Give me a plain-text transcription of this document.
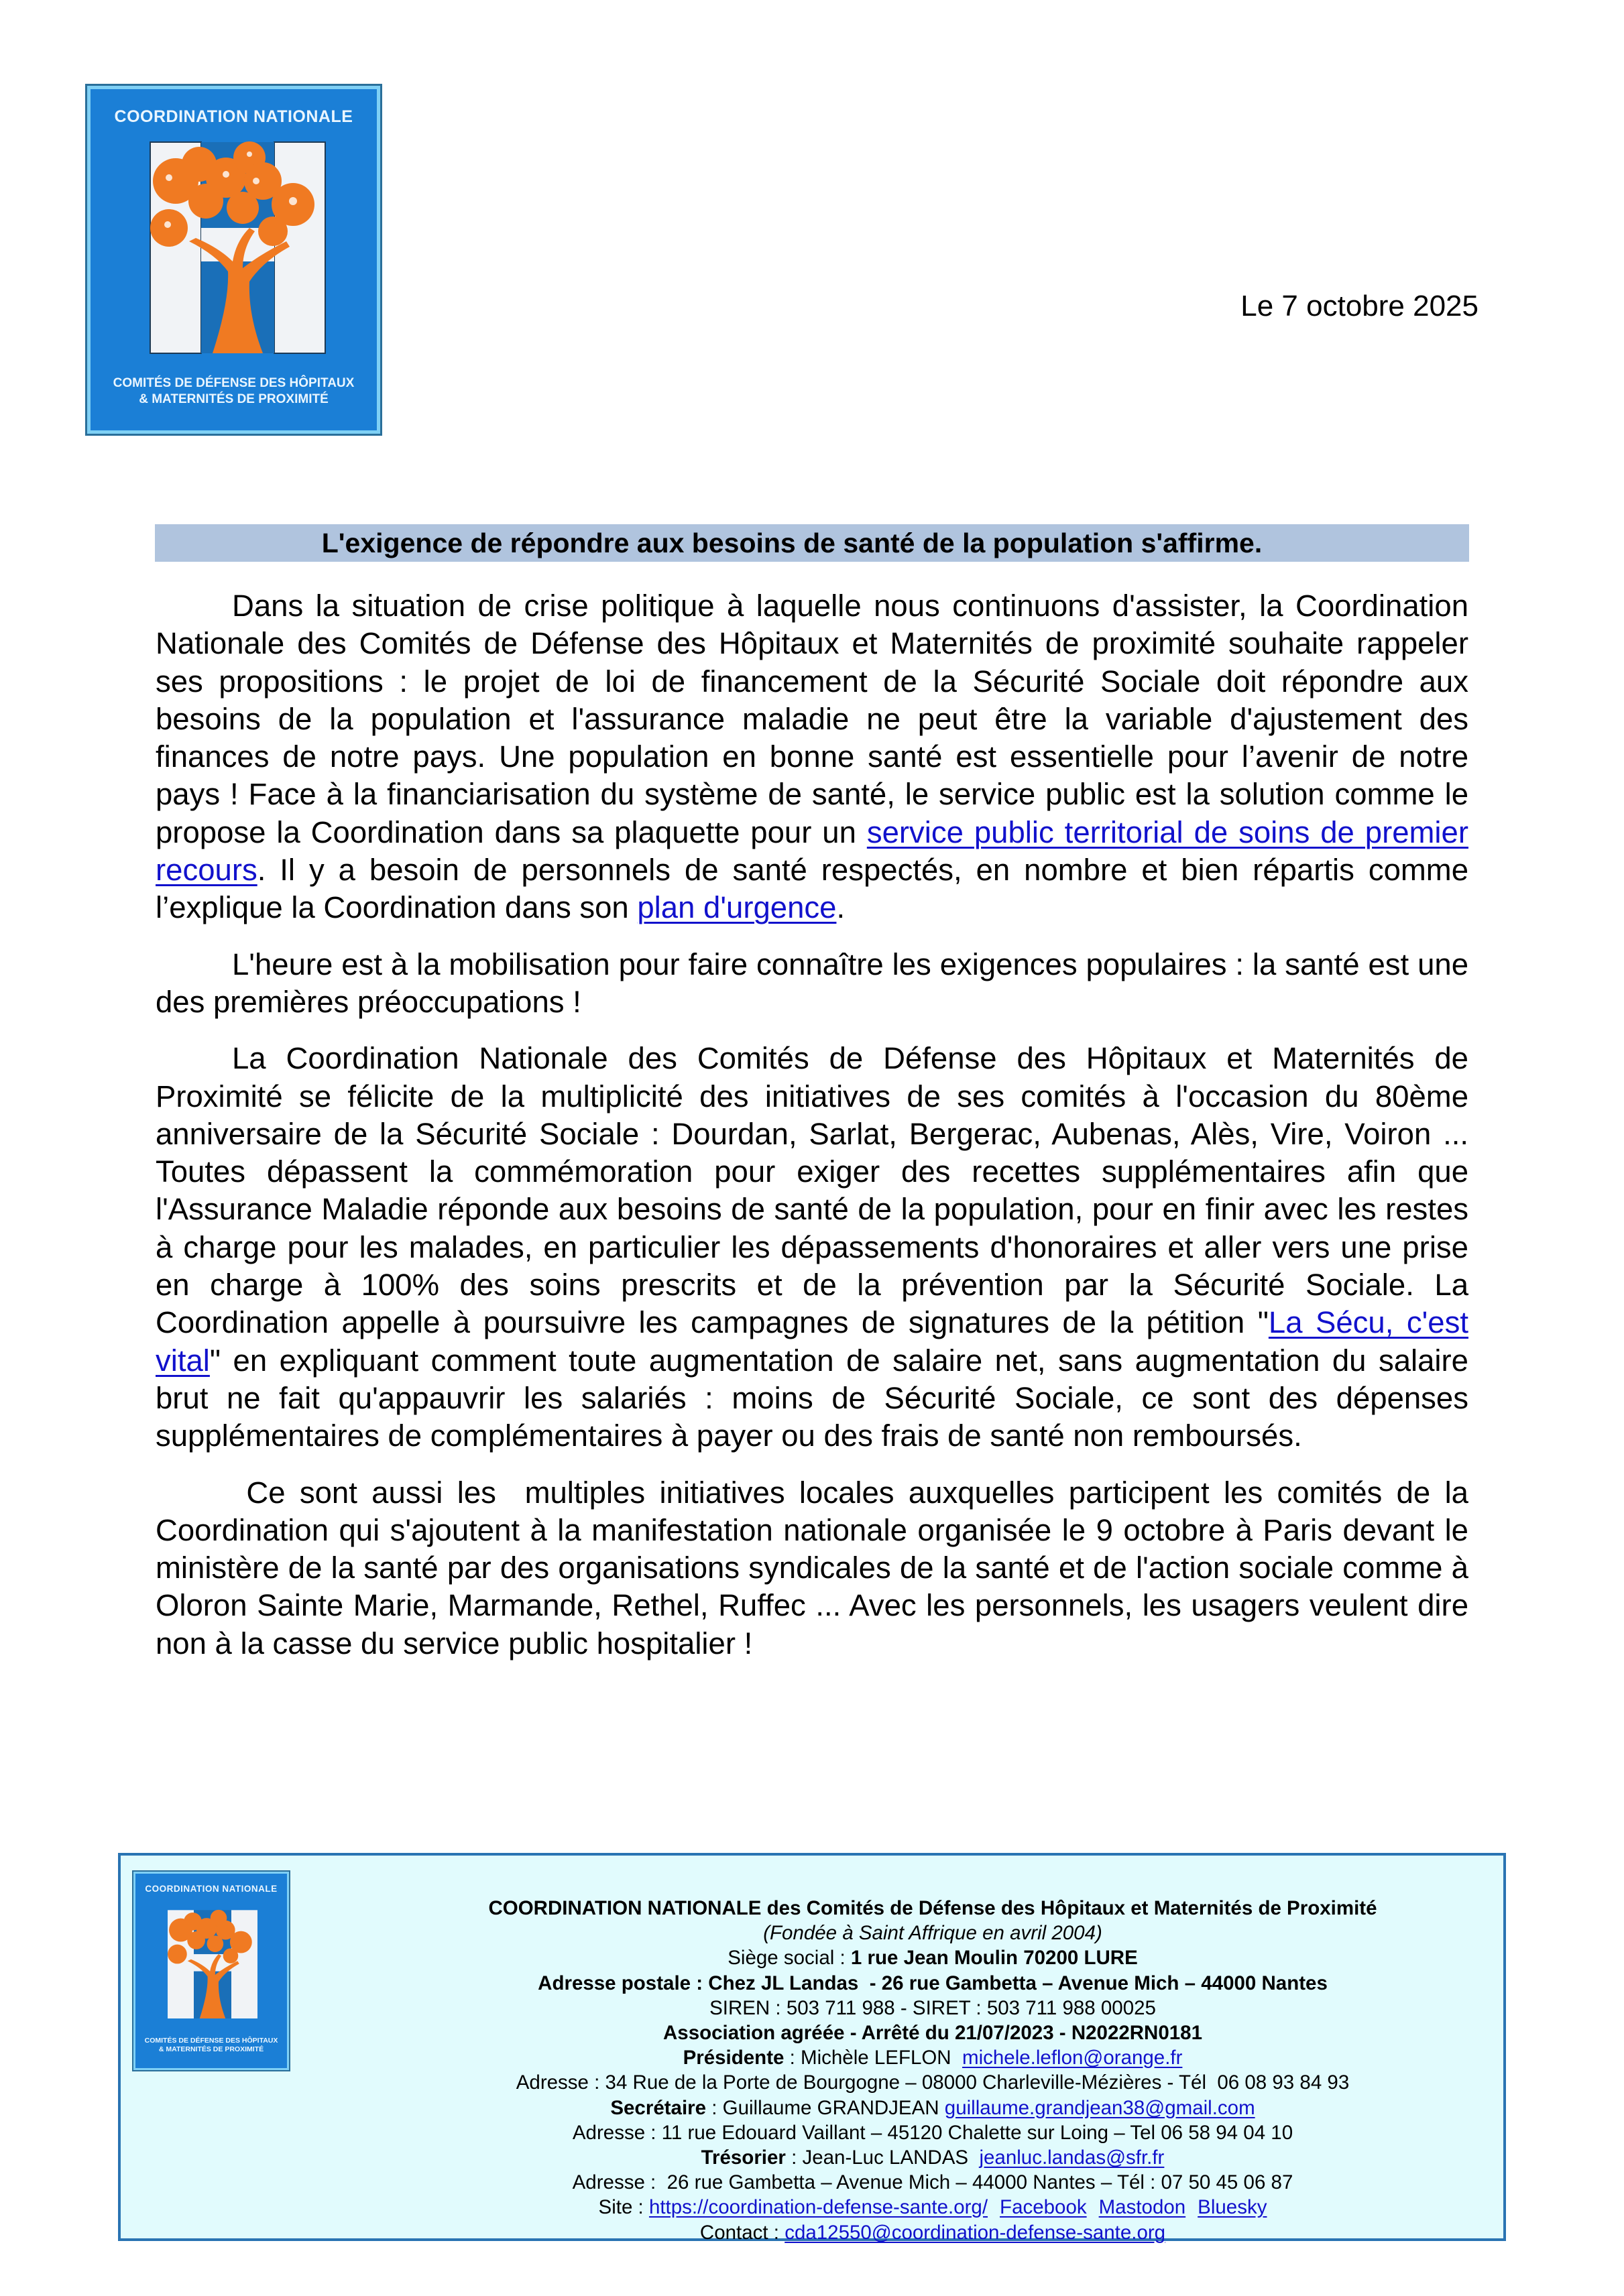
COORDINATION NATIONALE
COMITÉS DE DÉFENSE DES HÔPITAUX
& MATERNITÉS DE PROXIMITÉ
Le 7 octobre 2025
L'exigence de répondre aux besoins de santé de la population s'affirme.

Dans la situation de crise politique à laquelle nous continuons d'assister, la Coordination Nationale des Comités de Défense des Hôpitaux et Maternités de proximité souhaite rappeler ses propositions : le projet de loi de financement de la Sécurité Sociale doit répondre aux besoins de la population et l'assurance maladie ne peut être la variable d'ajustement des finances de notre pays. Une population en bonne santé est essentielle pour l’avenir de notre pays ! Face à la financiarisation du système de santé, le service public est la solution comme le propose la Coordination dans sa plaquette pour un service public territorial de soins de premier recours. Il y a besoin de personnels de santé respectés, en nombre et bien répartis comme l’explique la Coordination dans son plan d'urgence.

L'heure est à la mobilisation pour faire connaître les exigences populaires : la santé est une des premières préoccupations !

La Coordination Nationale des Comités de Défense des Hôpitaux et Maternités de Proximité se félicite de la multiplicité des initiatives de ses comités à l'occasion du 80ème anniversaire de la Sécurité Sociale : Dourdan, Sarlat, Bergerac, Aubenas, Alès, Vire, Voiron ... Toutes dépassent la commémoration pour exiger des recettes supplémentaires afin que l'Assurance Maladie réponde aux besoins de santé de la population, pour en finir avec les restes à charge pour les malades, en particulier les dépassements d'honoraires et aller vers une prise en charge à 100% des soins prescrits et de la prévention par la Sécurité Sociale. La Coordination appelle à poursuivre les campagnes de signatures de la pétition "La Sécu, c'est vital" en expliquant comment toute augmentation de salaire net, sans augmentation du salaire brut ne fait qu'appauvrir les salariés : moins de Sécurité Sociale, ce sont des dépenses supplémentaires de complémentaires à payer ou des frais de santé non remboursés.

Ce sont aussi les  multiples initiatives locales auxquelles participent les comités de la Coordination qui s'ajoutent à la manifestation nationale organisée le 9 octobre à Paris devant le ministère de la santé par des organisations syndicales de la santé et de l'action sociale comme à Oloron Sainte Marie, Marmande, Rethel, Ruffec ... Avec les personnels, les usagers veulent dire non à la casse du service public hospitalier !

COORDINATION NATIONALE
COMITÉS DE DÉFENSE DES HÔPITAUX
& MATERNITÉS DE PROXIMITÉ
COORDINATION NATIONALE des Comités de Défense des Hôpitaux et Maternités de Proximité
(Fondée à Saint Affrique en avril 2004)
Siège social : 1 rue Jean Moulin 70200 LURE
Adresse postale : Chez JL Landas  - 26 rue Gambetta – Avenue Mich – 44000 Nantes
SIREN : 503 711 988 - SIRET : 503 711 988 00025
Association agréée - Arrêté du 21/07/2023 - N2022RN0181
Présidente : Michèle LEFLON  michele.leflon@orange.fr
Adresse : 34 Rue de la Porte de Bourgogne – 08000 Charleville-Mézières - Tél  06 08 93 84 93
Secrétaire : Guillaume GRANDJEAN guillaume.grandjean38@gmail.com
Adresse : 11 rue Edouard Vaillant – 45120 Chalette sur Loing – Tel 06 58 94 04 10
Trésorier : Jean-Luc LANDAS  jeanluc.landas@sfr.fr
Adresse :  26 rue Gambetta – Avenue Mich – 44000 Nantes – Tél : 07 50 45 06 87
Site : https://coordination-defense-sante.org/ Facebook Mastodon Bluesky
Contact : cda12550@coordination-defense-sante.org
